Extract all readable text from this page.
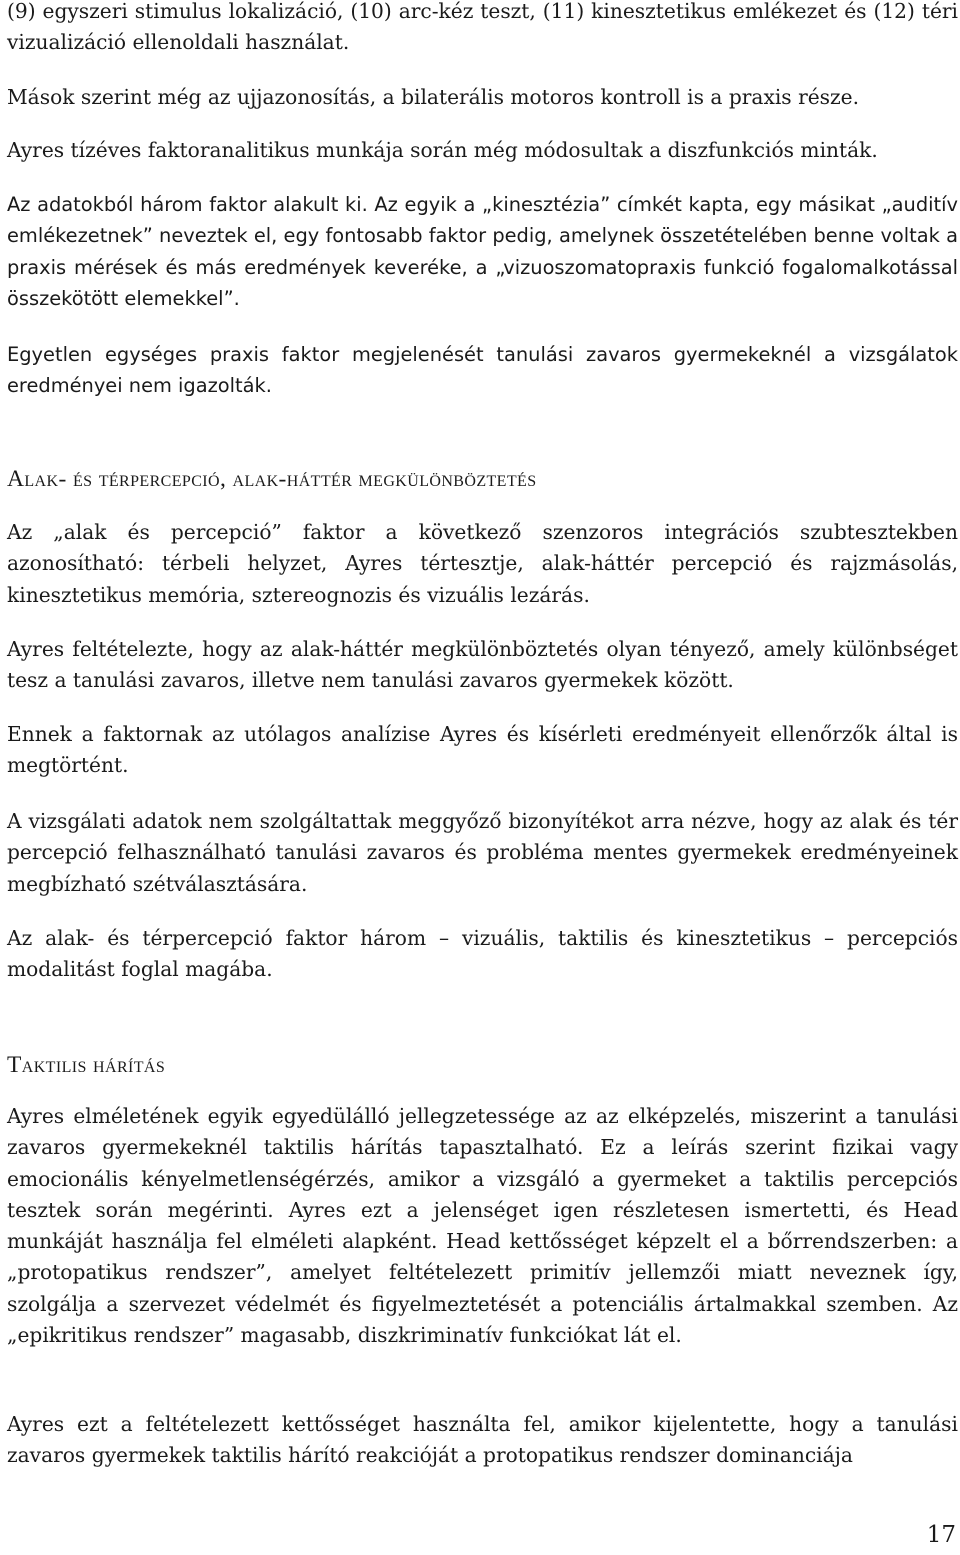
(9) egyszeri stimulus lokalizáció, (10) arc-kéz teszt, (11) kinesztetikus emlékezet és (12) téri vizualizáció ellenoldali használat.

Mások szerint még az ujjazonosítás, a bilaterális motoros kontroll is a praxis része.

Ayres tízéves faktoranalitikus munkája során még módosultak a diszfunkciós minták.

Az adatokból három faktor alakult ki. Az egyik a „kinesztézia” címkét kapta, egy másikat „auditív emlékezetnek” neveztek el, egy fontosabb faktor pedig, amelynek összetételében benne voltak a praxis mérések és más eredmények keveréke, a „vizuoszomatopraxis funkció fogalomalkotással összekötött elemekkel”.

Egyetlen egységes praxis faktor megjelenését tanulási zavaros gyermekeknél a vizsgálatok eredményei nem igazolták.

Alak- és térpercepció, alak-háttér megkülönböztetés

Az „alak és percepció” faktor a következő szenzoros integrációs szubtesztekben azonosítható: térbeli helyzet, Ayres tértesztje, alak-háttér percepció és rajzmásolás, kinesztetikus memória, sztereognozis és vizuális lezárás.

Ayres feltételezte, hogy az alak-háttér megkülönböztetés olyan tényező, amely különbséget tesz a tanulási zavaros, illetve nem tanulási zavaros gyermekek között.

Ennek a faktornak az utólagos analízise Ayres és kísérleti eredményeit ellenőrzők által is megtörtént.

A vizsgálati adatok nem szolgáltattak meggyőző bizonyítékot arra nézve, hogy az alak és tér percepció felhasználható tanulási zavaros és probléma mentes gyermekek eredményeinek megbízható szétválasztására.

Az alak- és térpercepció faktor három – vizuális, taktilis és kinesztetikus – percepciós modalitást foglal magába.

Taktilis hárítás

Ayres elméletének egyik egyedülálló jellegzetessége az az elképzelés, miszerint a tanulási zavaros gyermekeknél taktilis hárítás tapasztalható. Ez a leírás szerint fizikai vagy emocionális kényelmetlenségérzés, amikor a vizsgáló a gyermeket a taktilis percepciós tesztek során megérinti. Ayres ezt a jelenséget igen részletesen ismertetti, és Head munkáját használja fel elméleti alapként. Head kettősséget képzelt el a bőrrendszerben: a „protopatikus rendszer”, amelyet feltételezett primitív jellemzői miatt neveznek így, szolgálja a szervezet védelmét és figyelmeztetését a potenciális ártalmakkal szemben. Az „epikritikus rendszer” magasabb, diszkriminatív funkciókat lát el.

Ayres ezt a feltételezett kettősséget használta fel, amikor kijelentette, hogy a tanulási zavaros gyermekek taktilis hárító reakcióját a protopatikus rendszer dominanciája

17
